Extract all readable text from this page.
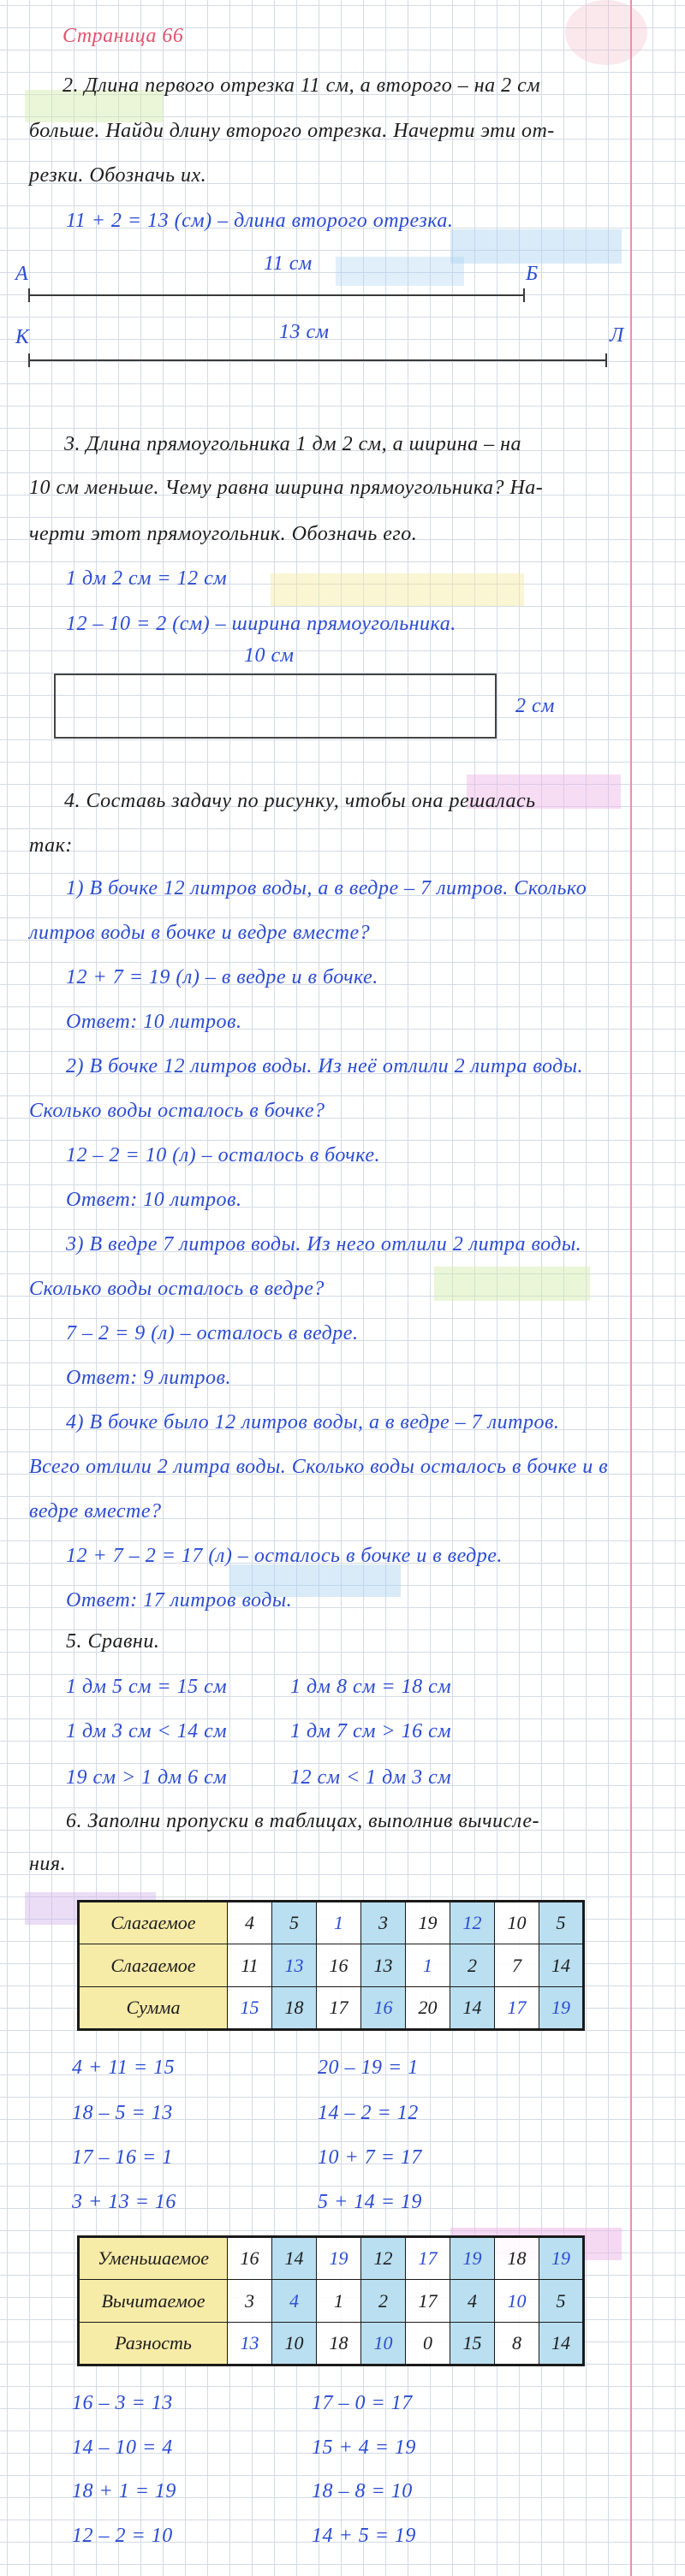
Страница 66
2. Длина первого отрезка 11 см, а второго – на 2 см
больше. Найди длину второго отрезка. Начерти эти от-
резки. Обозначь их.
11 + 2 = 13 (см) – длина второго отрезка.
А	11 см	Б
К	13 см	Л
3. Длина прямоугольника 1 дм 2 см, а ширина – на
10 см меньше. Чему равна ширина прямоугольника? На-
черти этот прямоугольник. Обозначь его.
1 дм 2 см = 12 см
12 – 10 = 2 (см) – ширина прямоугольника.
10 см
2 см
4. Составь задачу по рисунку, чтобы она решалась
так:
1) В бочке 12 литров воды, а в ведре – 7 литров. Сколько
литров воды в бочке и ведре вместе?
12 + 7 = 19 (л) – в ведре и в бочке.
Ответ: 10 литров.
2) В бочке 12 литров воды. Из неё отлили 2 литра воды.
Сколько воды осталось в бочке?
12 – 2 = 10 (л) – осталось в бочке.
Ответ: 10 литров.
3) В ведре 7 литров воды. Из него отлили 2 литра воды.
Сколько воды осталось в ведре?
7 – 2 = 9 (л) – осталось в ведре.
Ответ: 9 литров.
4) В бочке было 12 литров воды, а в ведре – 7 литров.
Всего отлили 2 литра воды. Сколько воды осталось в бочке и в
ведре вместе?
12 + 7 – 2 = 17 (л) – осталось в бочке и в ведре.
Ответ: 17 литров воды.
5. Сравни.
1 дм 5 см = 15 см
1 дм 3 см < 14 см
19 см > 1 дм 6 см
1 дм 8 см = 18 см
1 дм 7 см > 16 см
12 см < 1 дм 3 см
6. Заполни пропуски в таблицах, выполнив вычисле-
ния.
Слагаемое	4	5	1	3	19	12	10	5
Слагаемое	11	13	16	13	1	2	7	14
Сумма	15	18	17	16	20	14	17	19
4 + 11 = 15
18 – 5 = 13
17 – 16 = 1
3 + 13 = 16
20 – 19 = 1
14 – 2 = 12
10 + 7 = 17
5 + 14 = 19
Уменьшаемое	16	14	19	12	17	19	18	19
Вычитаемое	3	4	1	2	17	4	10	5
Разность	13	10	18	10	0	15	8	14
16 – 3 = 13
14 – 10 = 4
18 + 1 = 19
12 – 2 = 10
17 – 0 = 17
15 + 4 = 19
18 – 8 = 10
14 + 5 = 19
